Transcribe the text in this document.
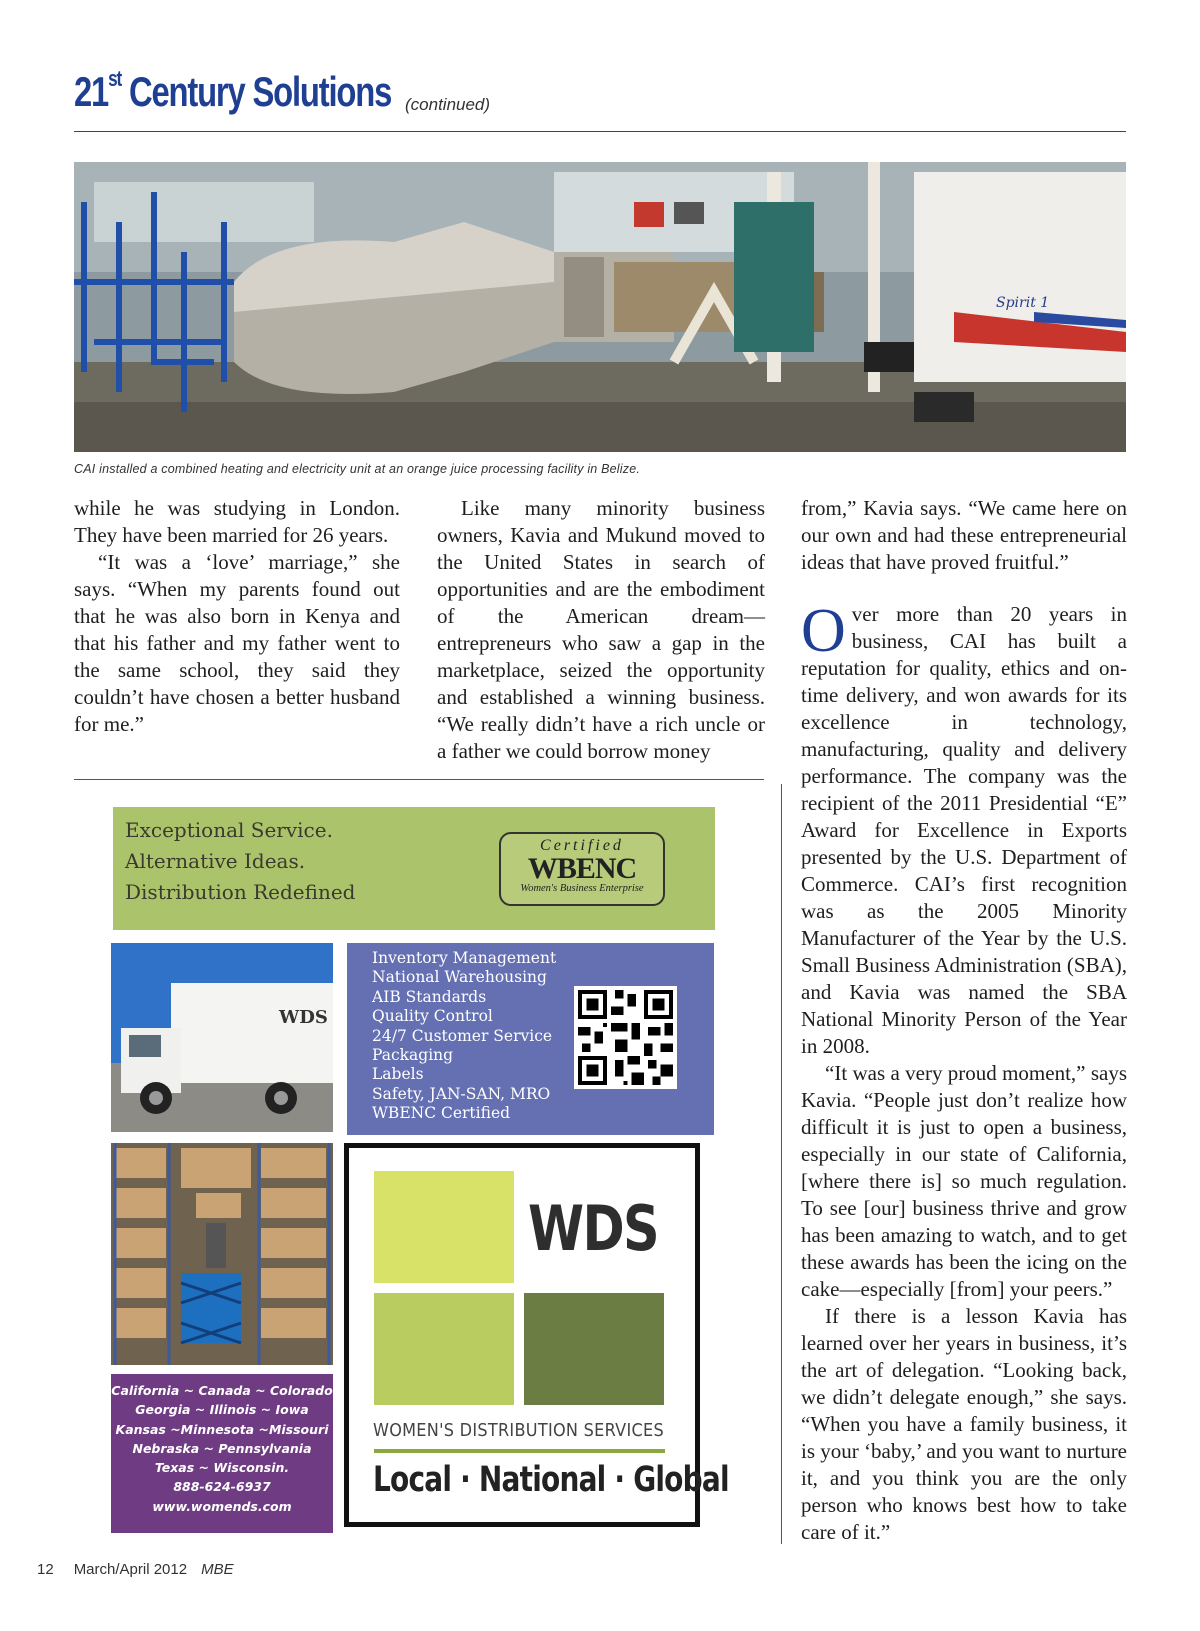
21st Century Solutions (continued)
Spirit 1
CAI installed a combined heating and electricity unit at an orange juice processing facility in Belize.

while he was studying in London. They have been married for 26 years.

“It was a ‘love’ marriage,” she says. “When my parents found out that he was also born in Kenya and that his father and my father went to the same school, they said they couldn’t have chosen a better husband for me.”

Like many minority business owners, Kavia and Mukund moved to the United States in search of opportunities and are the embodiment of the American dream— entrepreneurs who saw a gap in the marketplace, seized the opportunity and established a winning business. “We really didn’t have a rich uncle or a father we could borrow money

from,” Kavia says. “We came here on our own and had these entrepreneurial ideas that have proved fruitful.”

Over more than 20 years in business, CAI has built a reputation for quality, ethics and on-time delivery, and won awards for its excellence in technology, manufacturing, quality and delivery performance. The company was the recipient of the 2011 Presidential “E” Award for Excellence in Exports presented by the U.S. Department of Commerce. CAI’s first recognition was as the 2005 Minority Manufacturer of the Year by the U.S. Small Business Administration (SBA), and Kavia was named the SBA National Minority Person of the Year in 2008.

“It was a very proud moment,” says Kavia. “People just don’t realize how difficult it is just to open a business, especially in our state of California, [where there is] so much regulation. To see [our] business thrive and grow has been amazing to watch, and to get these awards has been the icing on the cake—especially [from] your peers.”

If there is a lesson Kavia has learned over her years in business, it’s the art of delegation. “Looking back, we didn’t delegate enough,” she says. “When you have a family business, it is your ‘baby,’ and you want to nurture it, and you think you are the only person who knows best how to take care of it.”

Exceptional Service.
Alternative Ideas.
Distribution Redefined
Certified
WBENC
Women's Business Enterprise
WDS
Inventory Management
National Warehousing
AIB Standards
Quality Control
24/7 Customer Service
Packaging
Labels
Safety, JAN-SAN, MRO
WBENC Certified
California ~ Canada ~ Colorado
Georgia ~ Illinois ~ Iowa
Kansas ~Minnesota ~Missouri
Nebraska ~ Pennsylvania
Texas ~ Wisconsin.
888-624-6937
www.womends.com
WDS
WOMEN'S DISTRIBUTION SERVICES
Local · National · Global
12 March/April 2012 MBE
